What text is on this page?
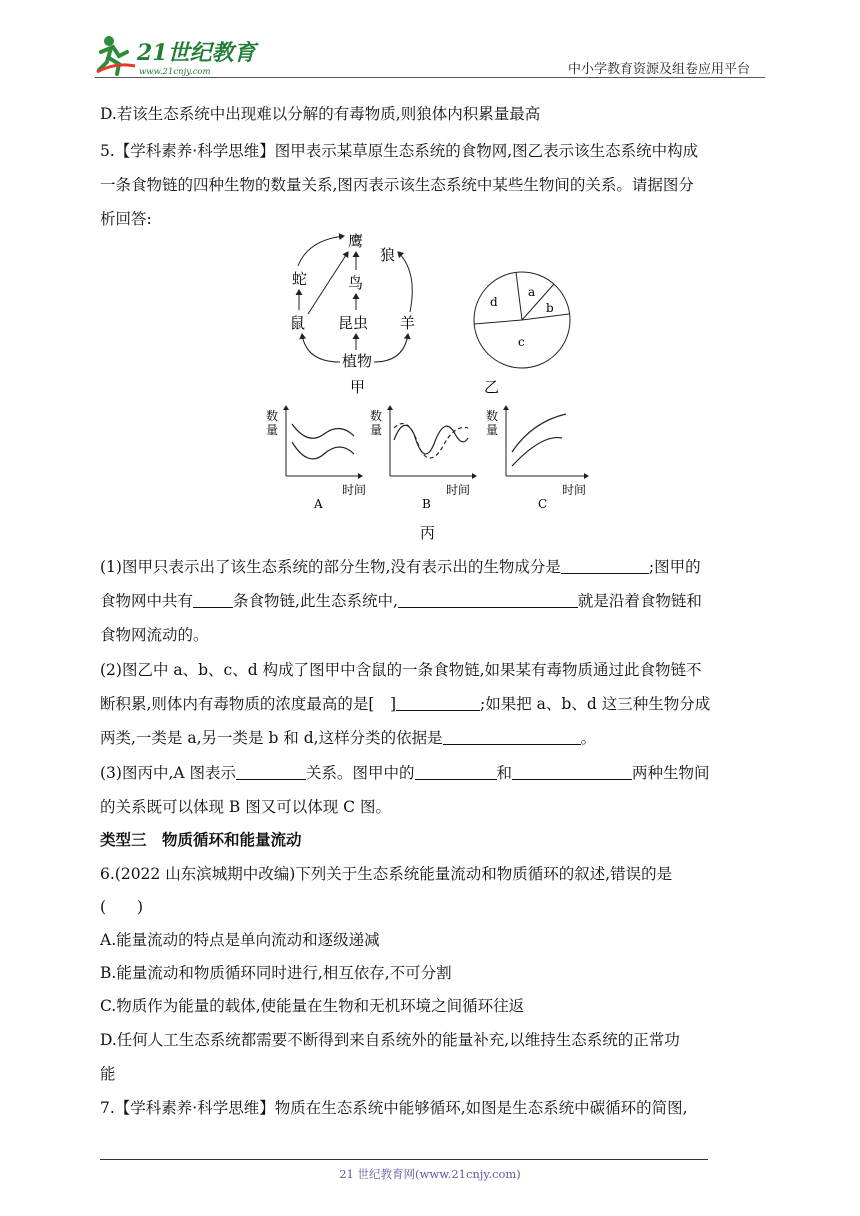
21世纪教育
www.21cnjy.com	中小学教育资源及组卷应用平台
D.若该生态系统中出现难以分解的有毒物质,则狼体内积累量最高
5.【学科素养·科学思维】图甲表示某草原生态系统的食物网,图乙表示该生态系统中构成
一条食物链的四种生物的数量关系,图丙表示该生态系统中某些生物间的关系。请据图分
析回答:
鹰
狼
蛇	鸟
鼠 昆虫 羊
植物
甲
d
a
b
c
乙
数
量
时间
A
数
量
时间
B
数
量
时间
C
丙
(1)图甲只表示出了该生态系统的部分生物,没有表示出的生物成分是	;图甲的
食物网中共有	条食物链,此生态系统中,	就是沿着食物链和
食物网流动的。
(2)图乙中 a、b、c、d 构成了图甲中含鼠的一条食物链,如果某有毒物质通过此食物链不
断积累,则体内有毒物质的浓度最高的是[　]	;如果把 a、b、d 这三种生物分成
两类,一类是 a,另一类是 b 和 d,这样分类的依据是	。
(3)图丙中,A 图表示	关系。图甲中的	和	两种生物间
的关系既可以体现 B 图又可以体现 C 图。
类型三　物质循环和能量流动
6.(2022 山东滨城期中改编)下列关于生态系统能量流动和物质循环的叙述,错误的是
(　　)
A.能量流动的特点是单向流动和逐级递减
B.能量流动和物质循环同时进行,相互依存,不可分割
C.物质作为能量的载体,使能量在生物和无机环境之间循环往返
D.任何人工生态系统都需要不断得到来自系统外的能量补充,以维持生态系统的正常功
能
7.【学科素养·科学思维】物质在生态系统中能够循环,如图是生态系统中碳循环的简图,
21 世纪教育网(www.21cnjy.com)
